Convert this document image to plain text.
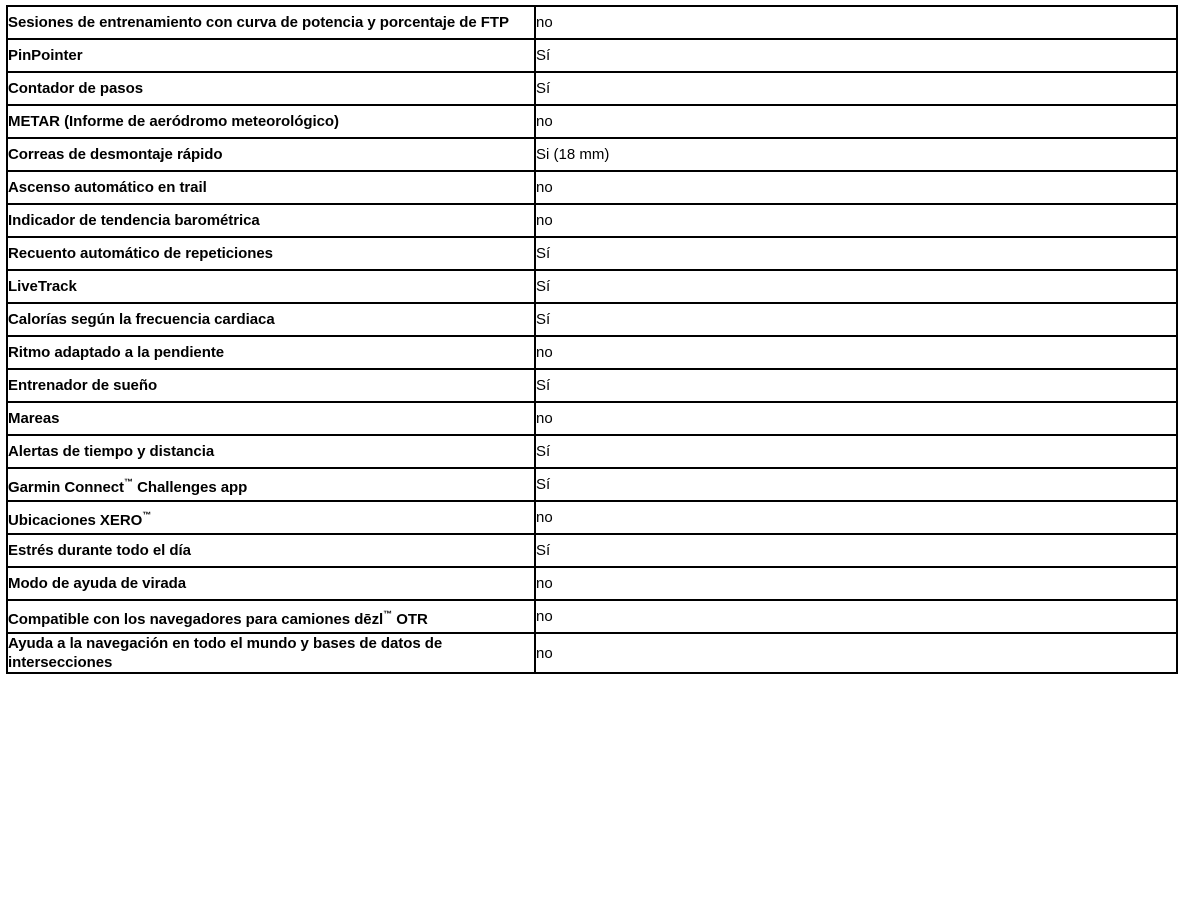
Sesiones de entrenamiento con curva de potencia y porcentaje de FTP	no
PinPointer	Sí
Contador de pasos	Sí
METAR (Informe de aeródromo meteorológico)	no
Correas de desmontaje rápido	Si (18 mm)
Ascenso automático en trail	no
Indicador de tendencia barométrica	no
Recuento automático de repeticiones	Sí
LiveTrack	Sí
Calorías según la frecuencia cardiaca	Sí
Ritmo adaptado a la pendiente	no
Entrenador de sueño	Sí
Mareas	no
Alertas de tiempo y distancia	Sí
Garmin Connect™ Challenges app	Sí
Ubicaciones XERO™	no
Estrés durante todo el día	Sí
Modo de ayuda de virada	no
Compatible con los navegadores para camiones dēzl™ OTR	no
Ayuda a la navegación en todo el mundo y bases de datos de intersecciones	no
